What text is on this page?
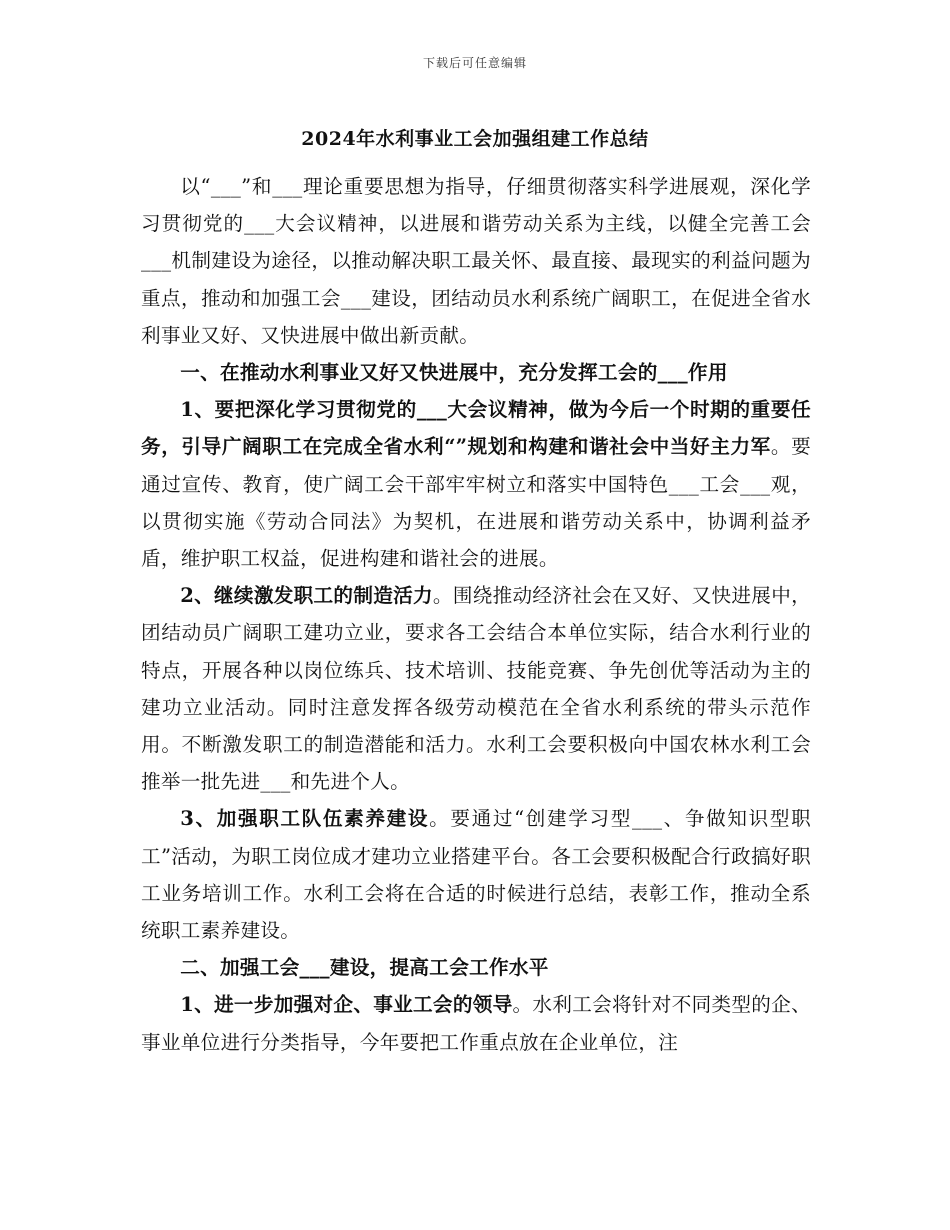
下载后可任意编辑
2024年水利事业工会加强组建工作总结

以“___”和___理论重要思想为指导，仔细贯彻落实科学进展观，深化学习贯彻党的___大会议精神，以进展和谐劳动关系为主线，以健全完善工会___机制建设为途径，以推动解决职工最关怀、最直接、最现实的利益问题为重点，推动和加强工会___建设，团结动员水利系统广阔职工，在促进全省水利事业又好、又快进展中做出新贡献。

一、在推动水利事业又好又快进展中，充分发挥工会的___作用

1、要把深化学习贯彻党的___大会议精神，做为今后一个时期的重要任务，引导广阔职工在完成全省水利“”规划和构建和谐社会中当好主力军。要通过宣传、教育，使广阔工会干部牢牢树立和落实中国特色___工会___观，以贯彻实施《劳动合同法》为契机，在进展和谐劳动关系中，协调利益矛盾，维护职工权益，促进构建和谐社会的进展。

2、继续激发职工的制造活力。围绕推动经济社会在又好、又快进展中，团结动员广阔职工建功立业，要求各工会结合本单位实际，结合水利行业的特点，开展各种以岗位练兵、技术培训、技能竞赛、争先创优等活动为主的建功立业活动。同时注意发挥各级劳动模范在全省水利系统的带头示范作用。不断激发职工的制造潜能和活力。水利工会要积极向中国农林水利工会推举一批先进___和先进个人。

3、加强职工队伍素养建设。要通过“创建学习型___、争做知识型职工”活动，为职工岗位成才建功立业搭建平台。各工会要积极配合行政搞好职工业务培训工作。水利工会将在合适的时候进行总结，表彰工作，推动全系统职工素养建设。

二、加强工会___建设，提高工会工作水平

1、进一步加强对企、事业工会的领导。水利工会将针对不同类型的企、事业单位进行分类指导，今年要把工作重点放在企业单位，注
